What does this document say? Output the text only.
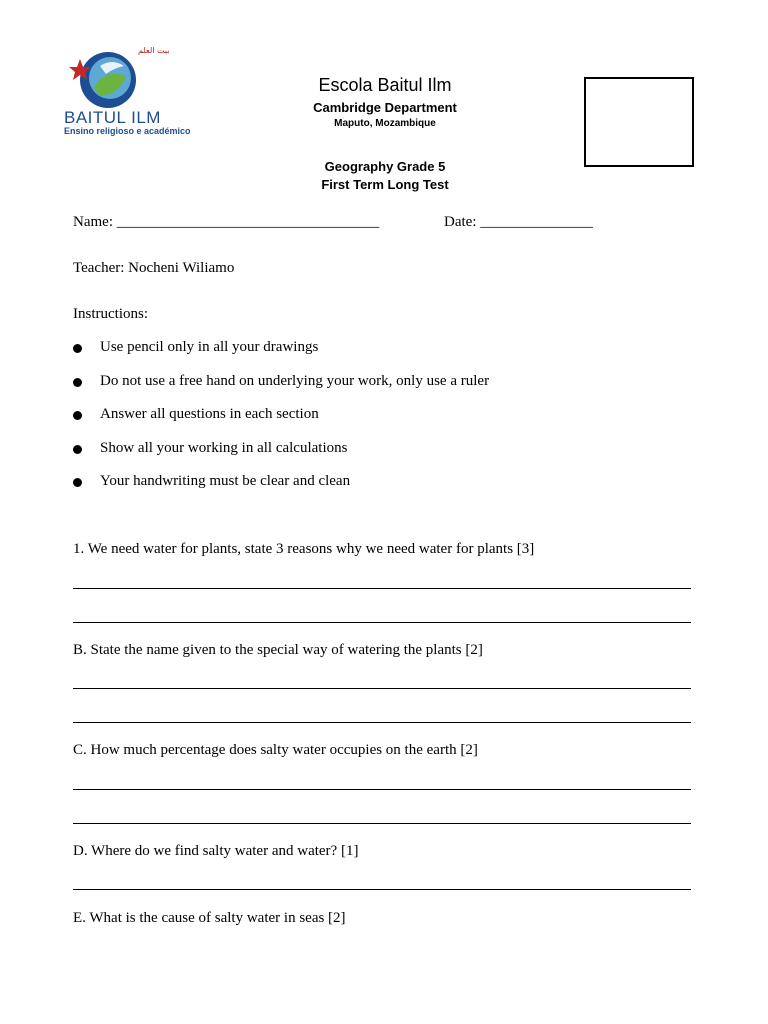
بيت العلم
BAITUL ILM
Ensino religioso e académico
Escola Baitul Ilm
Cambridge Department
Maputo, Mozambique
Geography Grade 5
First Term Long Test
Name: ___________________________________	Date: _______________
Teacher: Nocheni Wiliamo
Instructions:
Use pencil only in all your drawings
Do not use a free hand on underlying your work, only use a ruler
Answer all questions in each section
Show all your working in all calculations
Your handwriting must be clear and clean
1. We need water for plants, state 3 reasons why we need water for plants [3]
B. State the name given to the special way of watering the plants [2]
C. How much percentage does salty water occupies on the earth [2]
D. Where do we find salty water and water? [1]
E. What is the cause of salty water in seas [2]
